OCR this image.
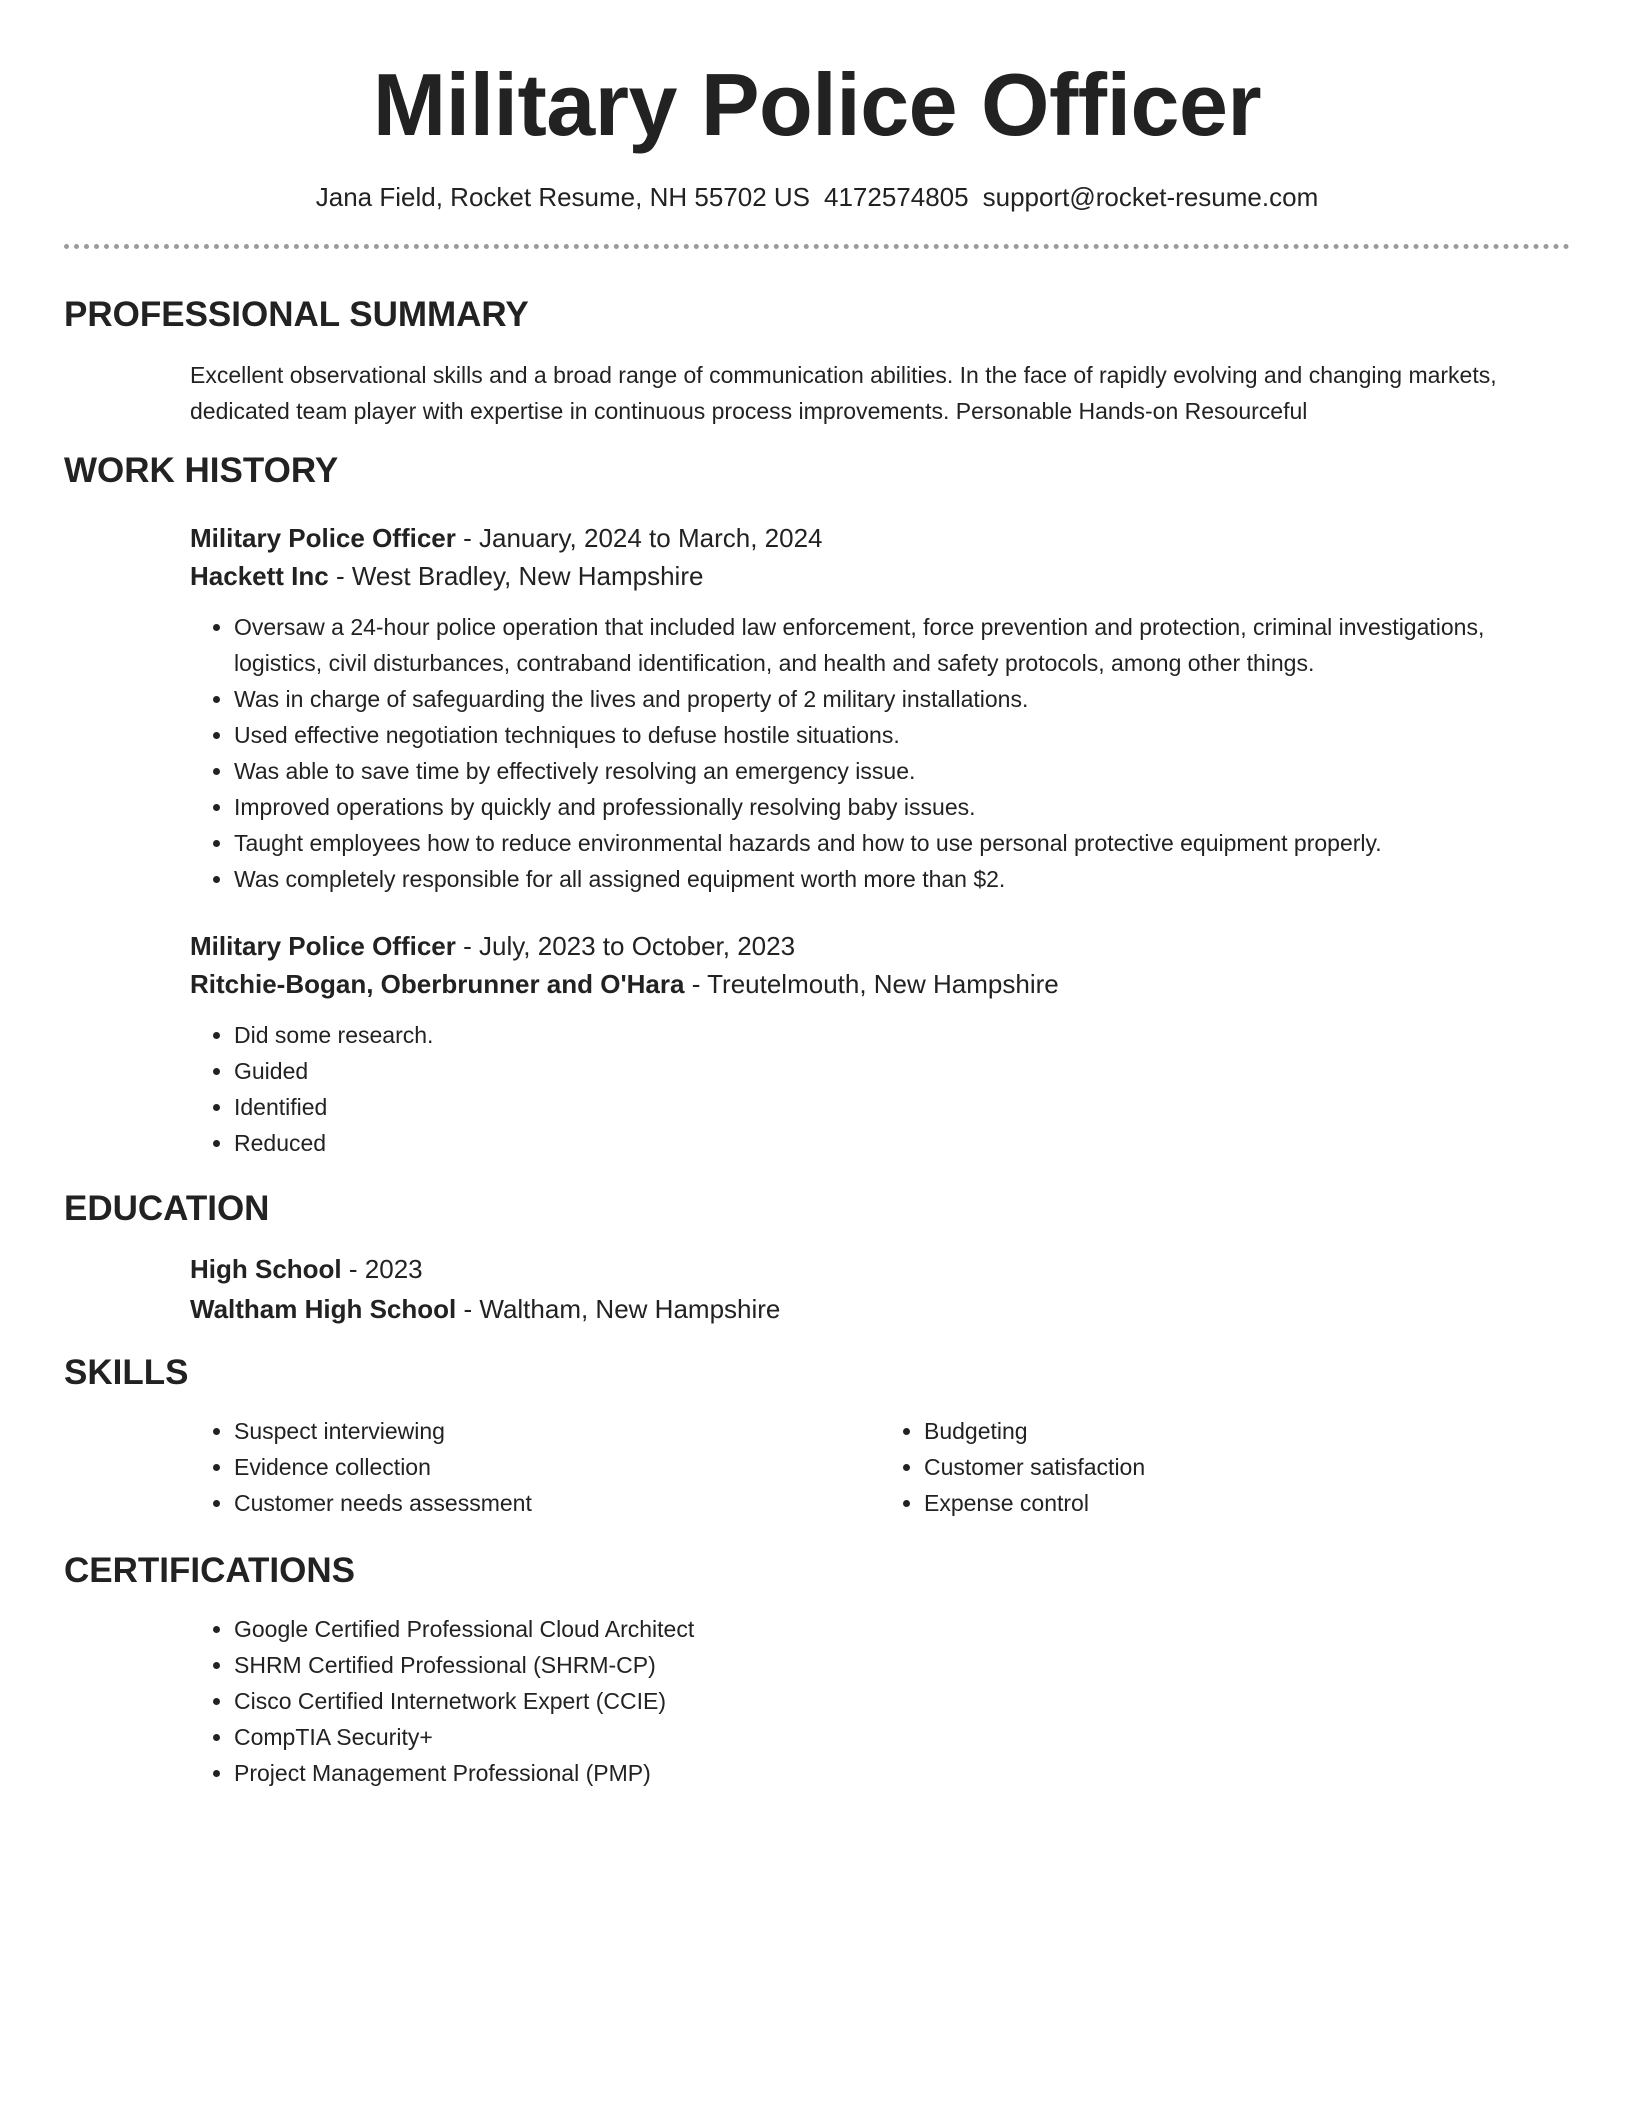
Military Police Officer
Jana Field, Rocket Resume, NH 55702 US 4172574805 support@rocket-resume.com
PROFESSIONAL SUMMARY
Excellent observational skills and a broad range of communication abilities. In the face of rapidly evolving and changing markets, dedicated team player with expertise in continuous process improvements. Personable Hands-on Resourceful
WORK HISTORY
Military Police Officer - January, 2024 to March, 2024
Hackett Inc - West Bradley, New Hampshire
• Oversaw a 24-hour police operation that included law enforcement, force prevention and protection, criminal investigations, logistics, civil disturbances, contraband identification, and health and safety protocols, among other things.
• Was in charge of safeguarding the lives and property of 2 military installations.
• Used effective negotiation techniques to defuse hostile situations.
• Was able to save time by effectively resolving an emergency issue.
• Improved operations by quickly and professionally resolving baby issues.
• Taught employees how to reduce environmental hazards and how to use personal protective equipment properly.
• Was completely responsible for all assigned equipment worth more than $2.
Military Police Officer - July, 2023 to October, 2023
Ritchie-Bogan, Oberbrunner and O'Hara - Treutelmouth, New Hampshire
• Did some research.
• Guided
• Identified
• Reduced
EDUCATION
High School - 2023
Waltham High School - Waltham, New Hampshire
SKILLS
• Suspect interviewing
• Evidence collection
• Customer needs assessment
• Budgeting
• Customer satisfaction
• Expense control
CERTIFICATIONS
• Google Certified Professional Cloud Architect
• SHRM Certified Professional (SHRM-CP)
• Cisco Certified Internetwork Expert (CCIE)
• CompTIA Security+
• Project Management Professional (PMP)
